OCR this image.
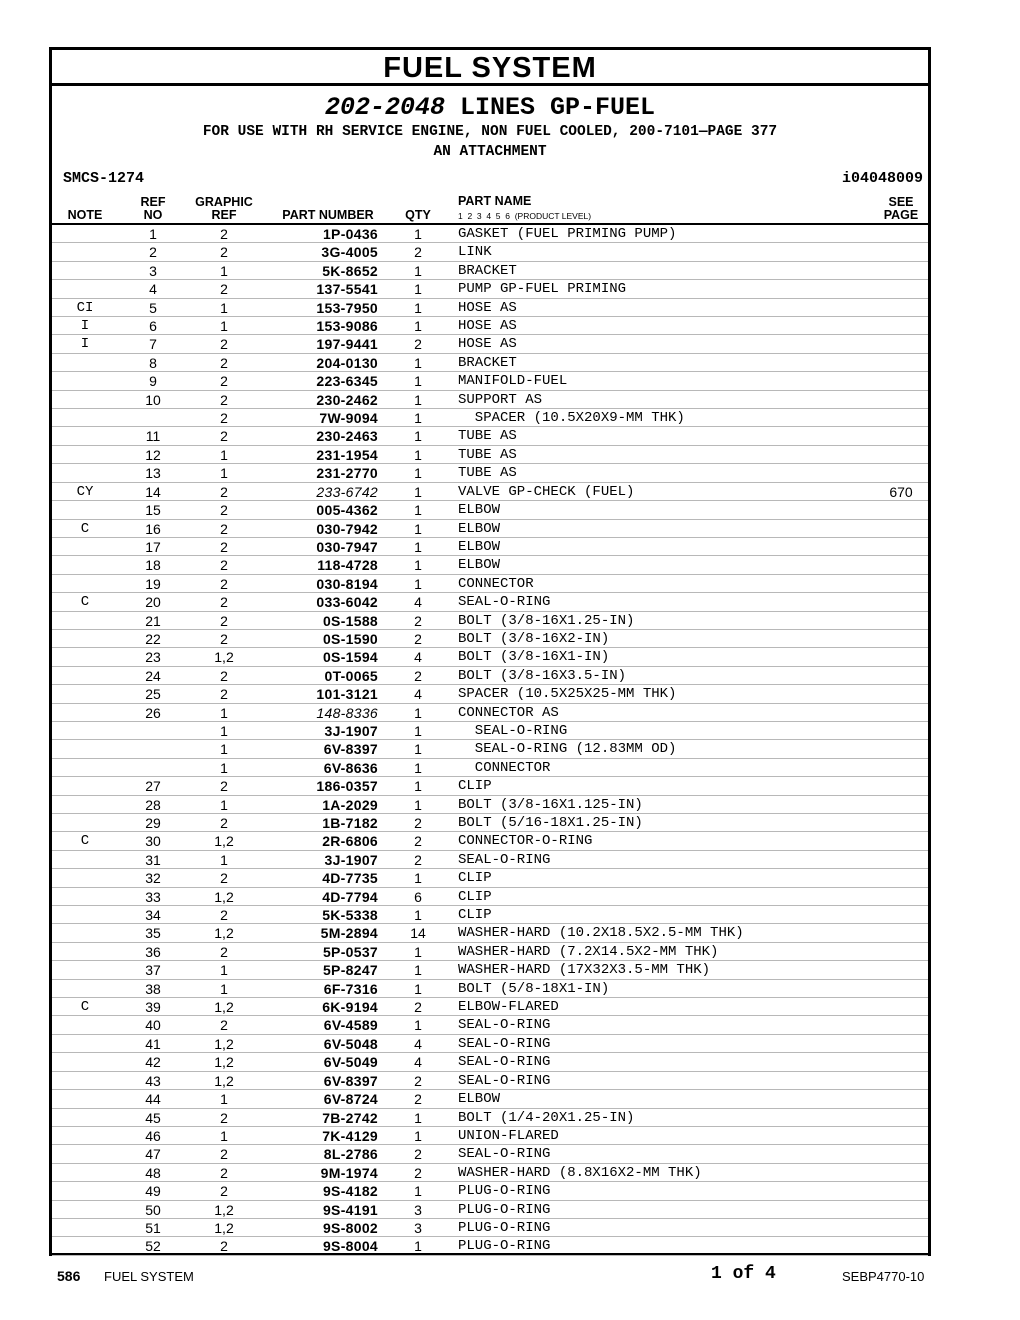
FUEL SYSTEM
202-2048 LINES GP-FUEL
FOR USE WITH RH SERVICE ENGINE, NON FUEL COOLED, 200-7101—PAGE 377
AN ATTACHMENT
SMCS-1274	i04048009
NOTE
REF
NO
GRAPHIC
REF	PART NUMBER	QTY
PART NAME
1  2  3  4  5  6  (PRODUCT LEVEL)
SEE
PAGE
1	2	1P-0436	1	GASKET (FUEL PRIMING PUMP)
2	2	3G-4005	2	LINK
3	1	5K-8652	1	BRACKET
4	2	137-5541	1	PUMP GP-FUEL PRIMING
CI	5	1	153-7950	1	HOSE AS
I	6	1	153-9086	1	HOSE AS
I	7	2	197-9441	2	HOSE AS
8	2	204-0130	1	BRACKET
9	2	223-6345	1	MANIFOLD-FUEL
10	2	230-2462	1	SUPPORT AS
2	7W-9094	1	SPACER (10.5X20X9-MM THK)
11	2	230-2463	1	TUBE AS
12	1	231-1954	1	TUBE AS
13	1	231-2770	1	TUBE AS
CY	14	2	233-6742	1	VALVE GP-CHECK (FUEL)	670
15	2	005-4362	1	ELBOW
C	16	2	030-7942	1	ELBOW
17	2	030-7947	1	ELBOW
18	2	118-4728	1	ELBOW
19	2	030-8194	1	CONNECTOR
C	20	2	033-6042	4	SEAL-O-RING
21	2	0S-1588	2	BOLT (3/8-16X1.25-IN)
22	2	0S-1590	2	BOLT (3/8-16X2-IN)
23	1,2	0S-1594	4	BOLT (3/8-16X1-IN)
24	2	0T-0065	2	BOLT (3/8-16X3.5-IN)
25	2	101-3121	4	SPACER (10.5X25X25-MM THK)
26	1	148-8336	1	CONNECTOR AS
1	3J-1907	1	SEAL-O-RING
1	6V-8397	1	SEAL-O-RING (12.83MM OD)
1	6V-8636	1	CONNECTOR
27	2	186-0357	1	CLIP
28	1	1A-2029	1	BOLT (3/8-16X1.125-IN)
29	2	1B-7182	2	BOLT (5/16-18X1.25-IN)
C	30	1,2	2R-6806	2	CONNECTOR-O-RING
31	1	3J-1907	2	SEAL-O-RING
32	2	4D-7735	1	CLIP
33	1,2	4D-7794	6	CLIP
34	2	5K-5338	1	CLIP
35	1,2	5M-2894	14	WASHER-HARD (10.2X18.5X2.5-MM THK)
36	2	5P-0537	1	WASHER-HARD (7.2X14.5X2-MM THK)
37	1	5P-8247	1	WASHER-HARD (17X32X3.5-MM THK)
38	1	6F-7316	1	BOLT (5/8-18X1-IN)
C	39	1,2	6K-9194	2	ELBOW-FLARED
40	2	6V-4589	1	SEAL-O-RING
41	1,2	6V-5048	4	SEAL-O-RING
42	1,2	6V-5049	4	SEAL-O-RING
43	1,2	6V-8397	2	SEAL-O-RING
44	1	6V-8724	2	ELBOW
45	2	7B-2742	1	BOLT (1/4-20X1.25-IN)
46	1	7K-4129	1	UNION-FLARED
47	2	8L-2786	2	SEAL-O-RING
48	2	9M-1974	2	WASHER-HARD (8.8X16X2-MM THK)
49	2	9S-4182	1	PLUG-O-RING
50	1,2	9S-4191	3	PLUG-O-RING
51	1,2	9S-8002	3	PLUG-O-RING
52	2	9S-8004	1	PLUG-O-RING
586 FUEL SYSTEM	1 of 4	SEBP4770-10
